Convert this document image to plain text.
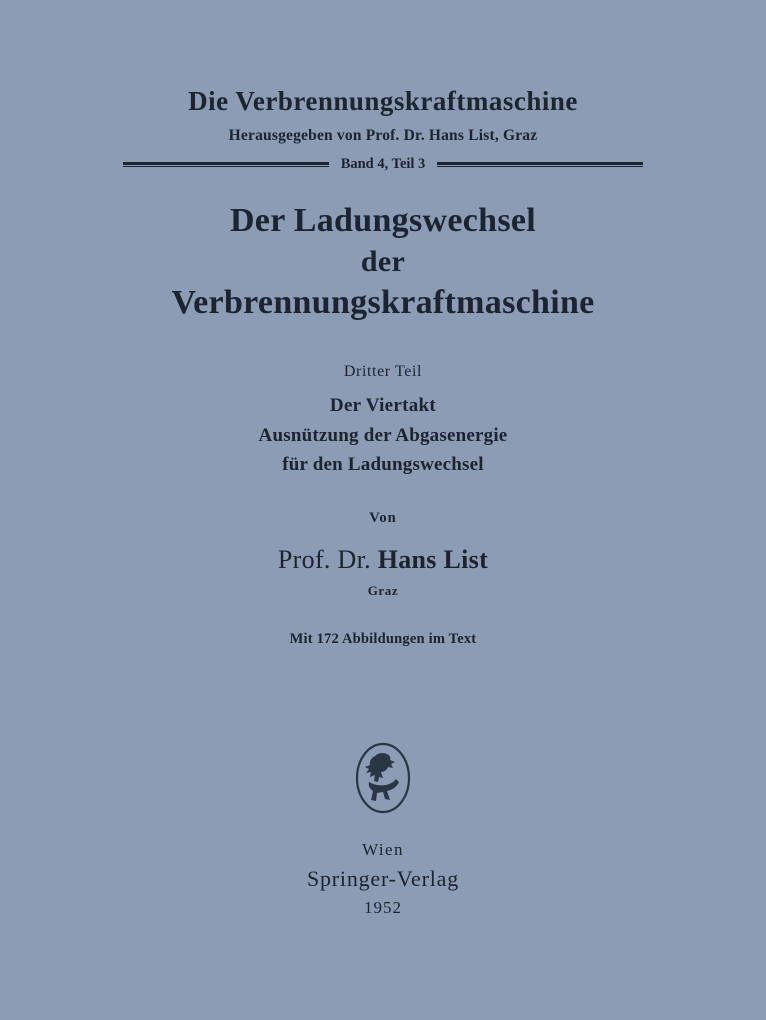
Die Verbrennungskraftmaschine
Herausgegeben von Prof. Dr. Hans List, Graz
Band 4, Teil 3
Der Ladungswechsel
der
Verbrennungskraftmaschine
Dritter Teil
Der Viertakt
Ausnützung der Abgasenergie
für den Ladungswechsel
Von
Prof. Dr. Hans List
Graz
Mit 172 Abbildungen im Text
Wien
Springer-Verlag
1952
